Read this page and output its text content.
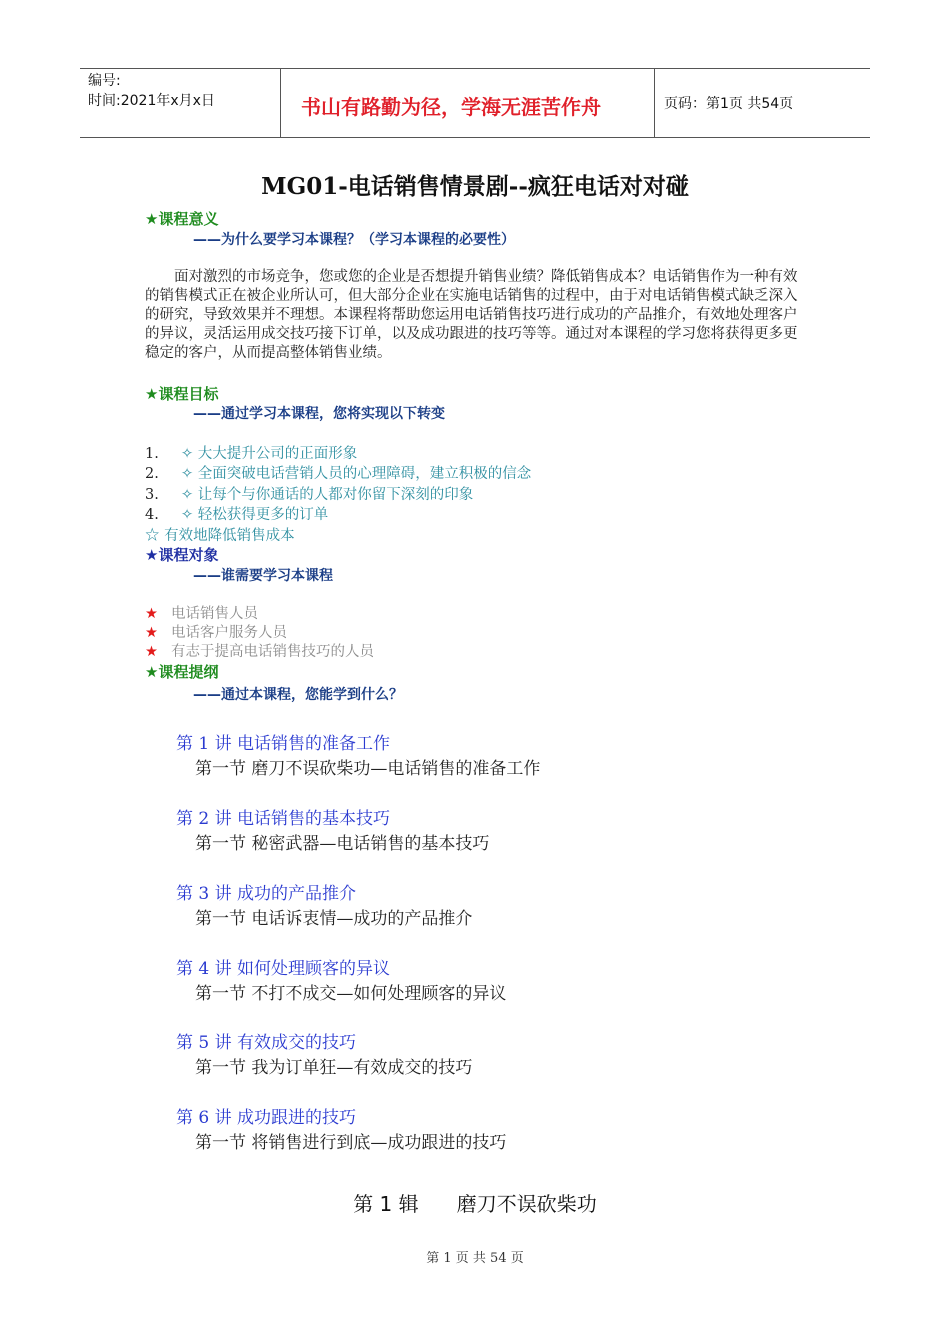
编号:
时间:2021年x月x日	书山有路勤为径，学海无涯苦作舟	页码：第1页 共54页
MG01-电话销售情景剧--疯狂电话对对碰
★课程意义
——为什么要学习本课程？（学习本课程的必要性）
面对激烈的市场竞争，您或您的企业是否想提升销售业绩？降低销售成本？电话销售作为一种有效的销售模式正在被企业所认可，但大部分企业在实施电话销售的过程中，由于对电话销售模式缺乏深入的研究，导致效果并不理想。本课程将帮助您运用电话销售技巧进行成功的产品推介，有效地处理客户的异议，灵活运用成交技巧接下订单，以及成功跟进的技巧等等。通过对本课程的学习您将获得更多更稳定的客户，从而提高整体销售业绩。
★课程目标
——通过学习本课程，您将实现以下转变
1. ✧ 大大提升公司的正面形象
2. ✧ 全面突破电话营销人员的心理障碍，建立积极的信念
3. ✧ 让每个与你通话的人都对你留下深刻的印象
4. ✧ 轻松获得更多的订单
☆ 有效地降低销售成本
★课程对象
——谁需要学习本课程
★ 电话销售人员
★ 电话客户服务人员
★ 有志于提高电话销售技巧的人员
★课程提纲
——通过本课程，您能学到什么？
第 1 讲 电话销售的准备工作
第一节 磨刀不误砍柴功—电话销售的准备工作
第 2 讲 电话销售的基本技巧
第一节 秘密武器—电话销售的基本技巧
第 3 讲 成功的产品推介
第一节 电话诉衷情—成功的产品推介
第 4 讲 如何处理顾客的异议
第一节 不打不成交—如何处理顾客的异议
第 5 讲 有效成交的技巧
第一节 我为订单狂—有效成交的技巧
第 6 讲 成功跟进的技巧
第一节 将销售进行到底—成功跟进的技巧
第 1 辑      磨刀不误砍柴功
第 1 页 共 54 页
